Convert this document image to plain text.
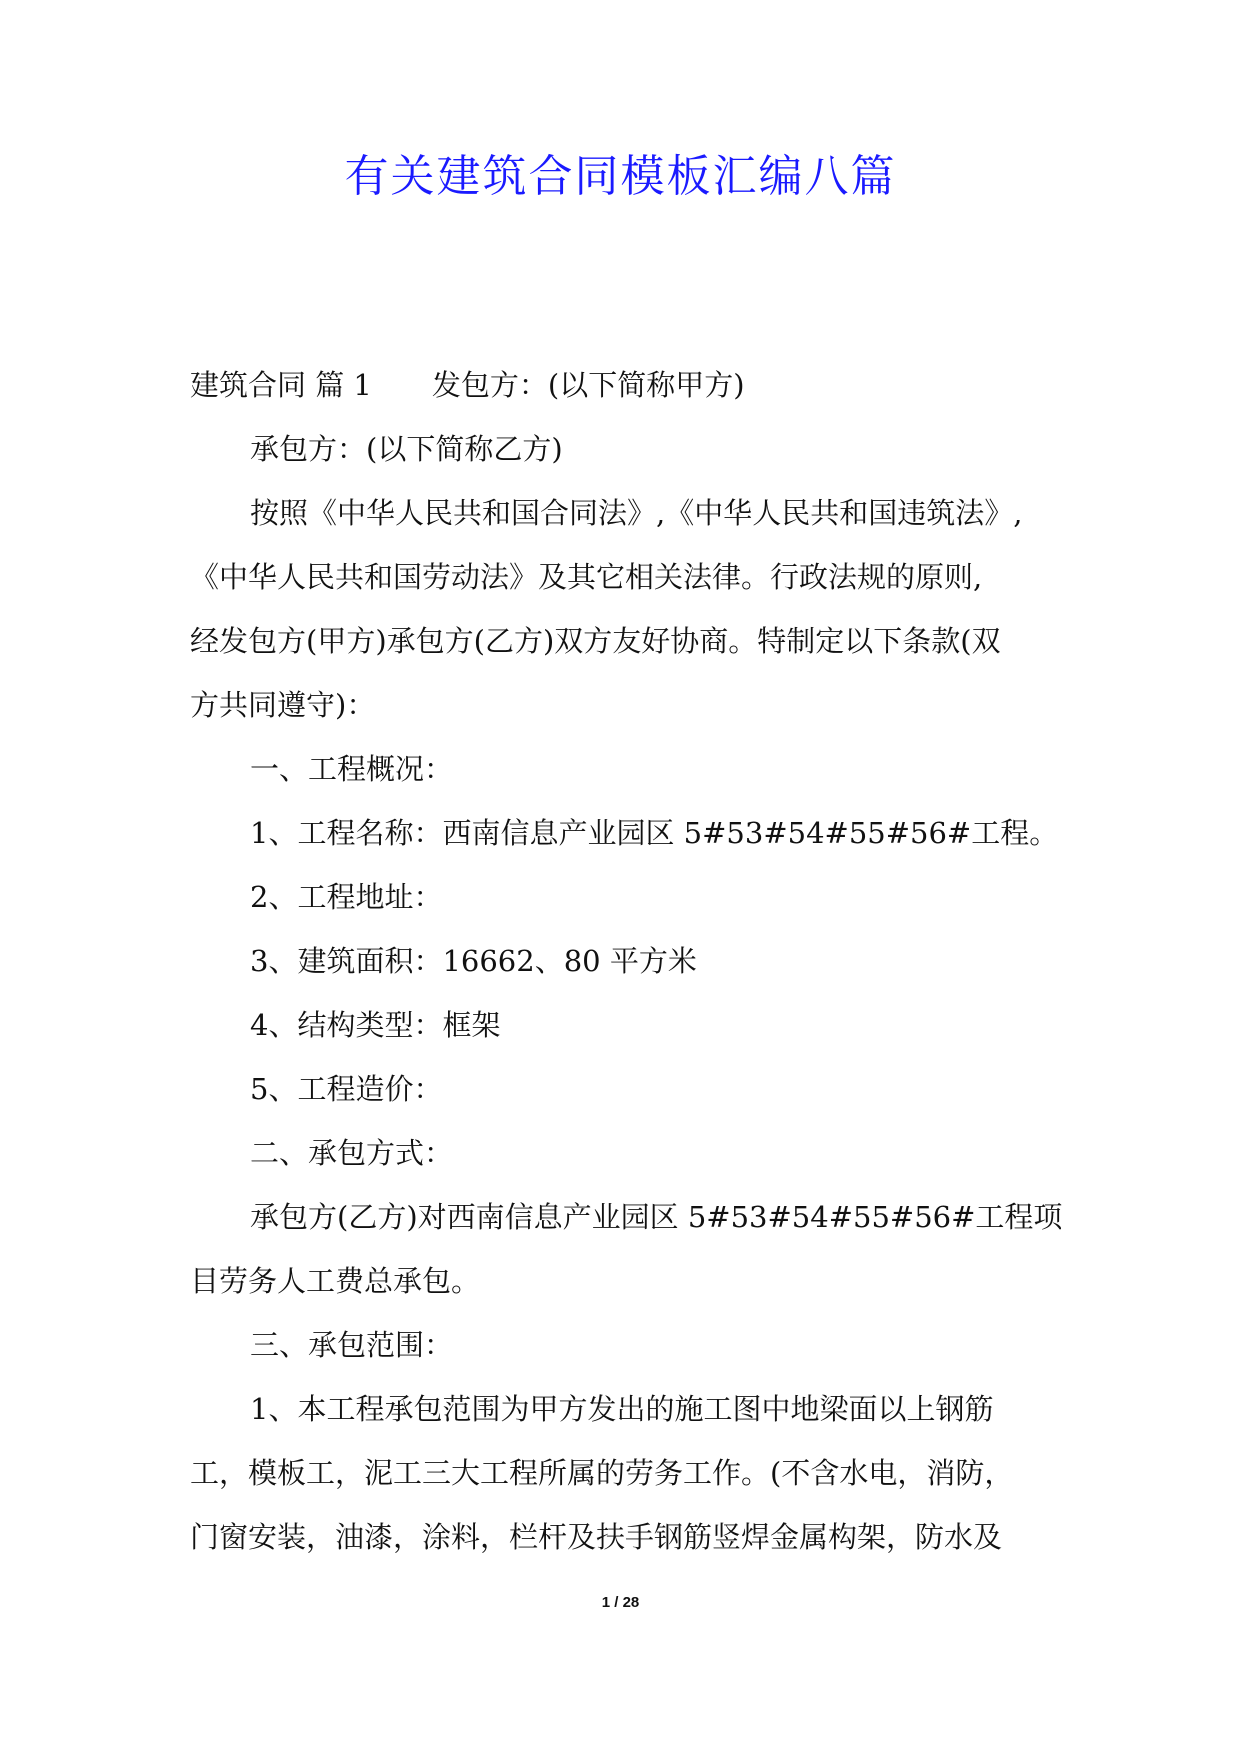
有关建筑合同模板汇编八篇
建筑合同 篇 1 发包方：(以下简称甲方)
承包方：(以下简称乙方)
按照《中华人民共和国合同法》,《中华人民共和国违筑法》,
《中华人民共和国劳动法》及其它相关法律。行政法规的原则,
经发包方(甲方)承包方(乙方)双方友好协商。特制定以下条款(双
方共同遵守)：
一、工程概况：
1、工程名称：西南信息产业园区 5#53#54#55#56#工程。
2、工程地址：
3、建筑面积：16662、80 平方米
4、结构类型：框架
5、工程造价：
二、承包方式：
承包方(乙方)对西南信息产业园区 5#53#54#55#56#工程项
目劳务人工费总承包。
三、承包范围：
1、本工程承包范围为甲方发出的施工图中地梁面以上钢筋
工，模板工，泥工三大工程所属的劳务工作。(不含水电，消防，
门窗安装，油漆，涂料，栏杆及扶手钢筋竖焊金属构架，防水及
1 / 28
